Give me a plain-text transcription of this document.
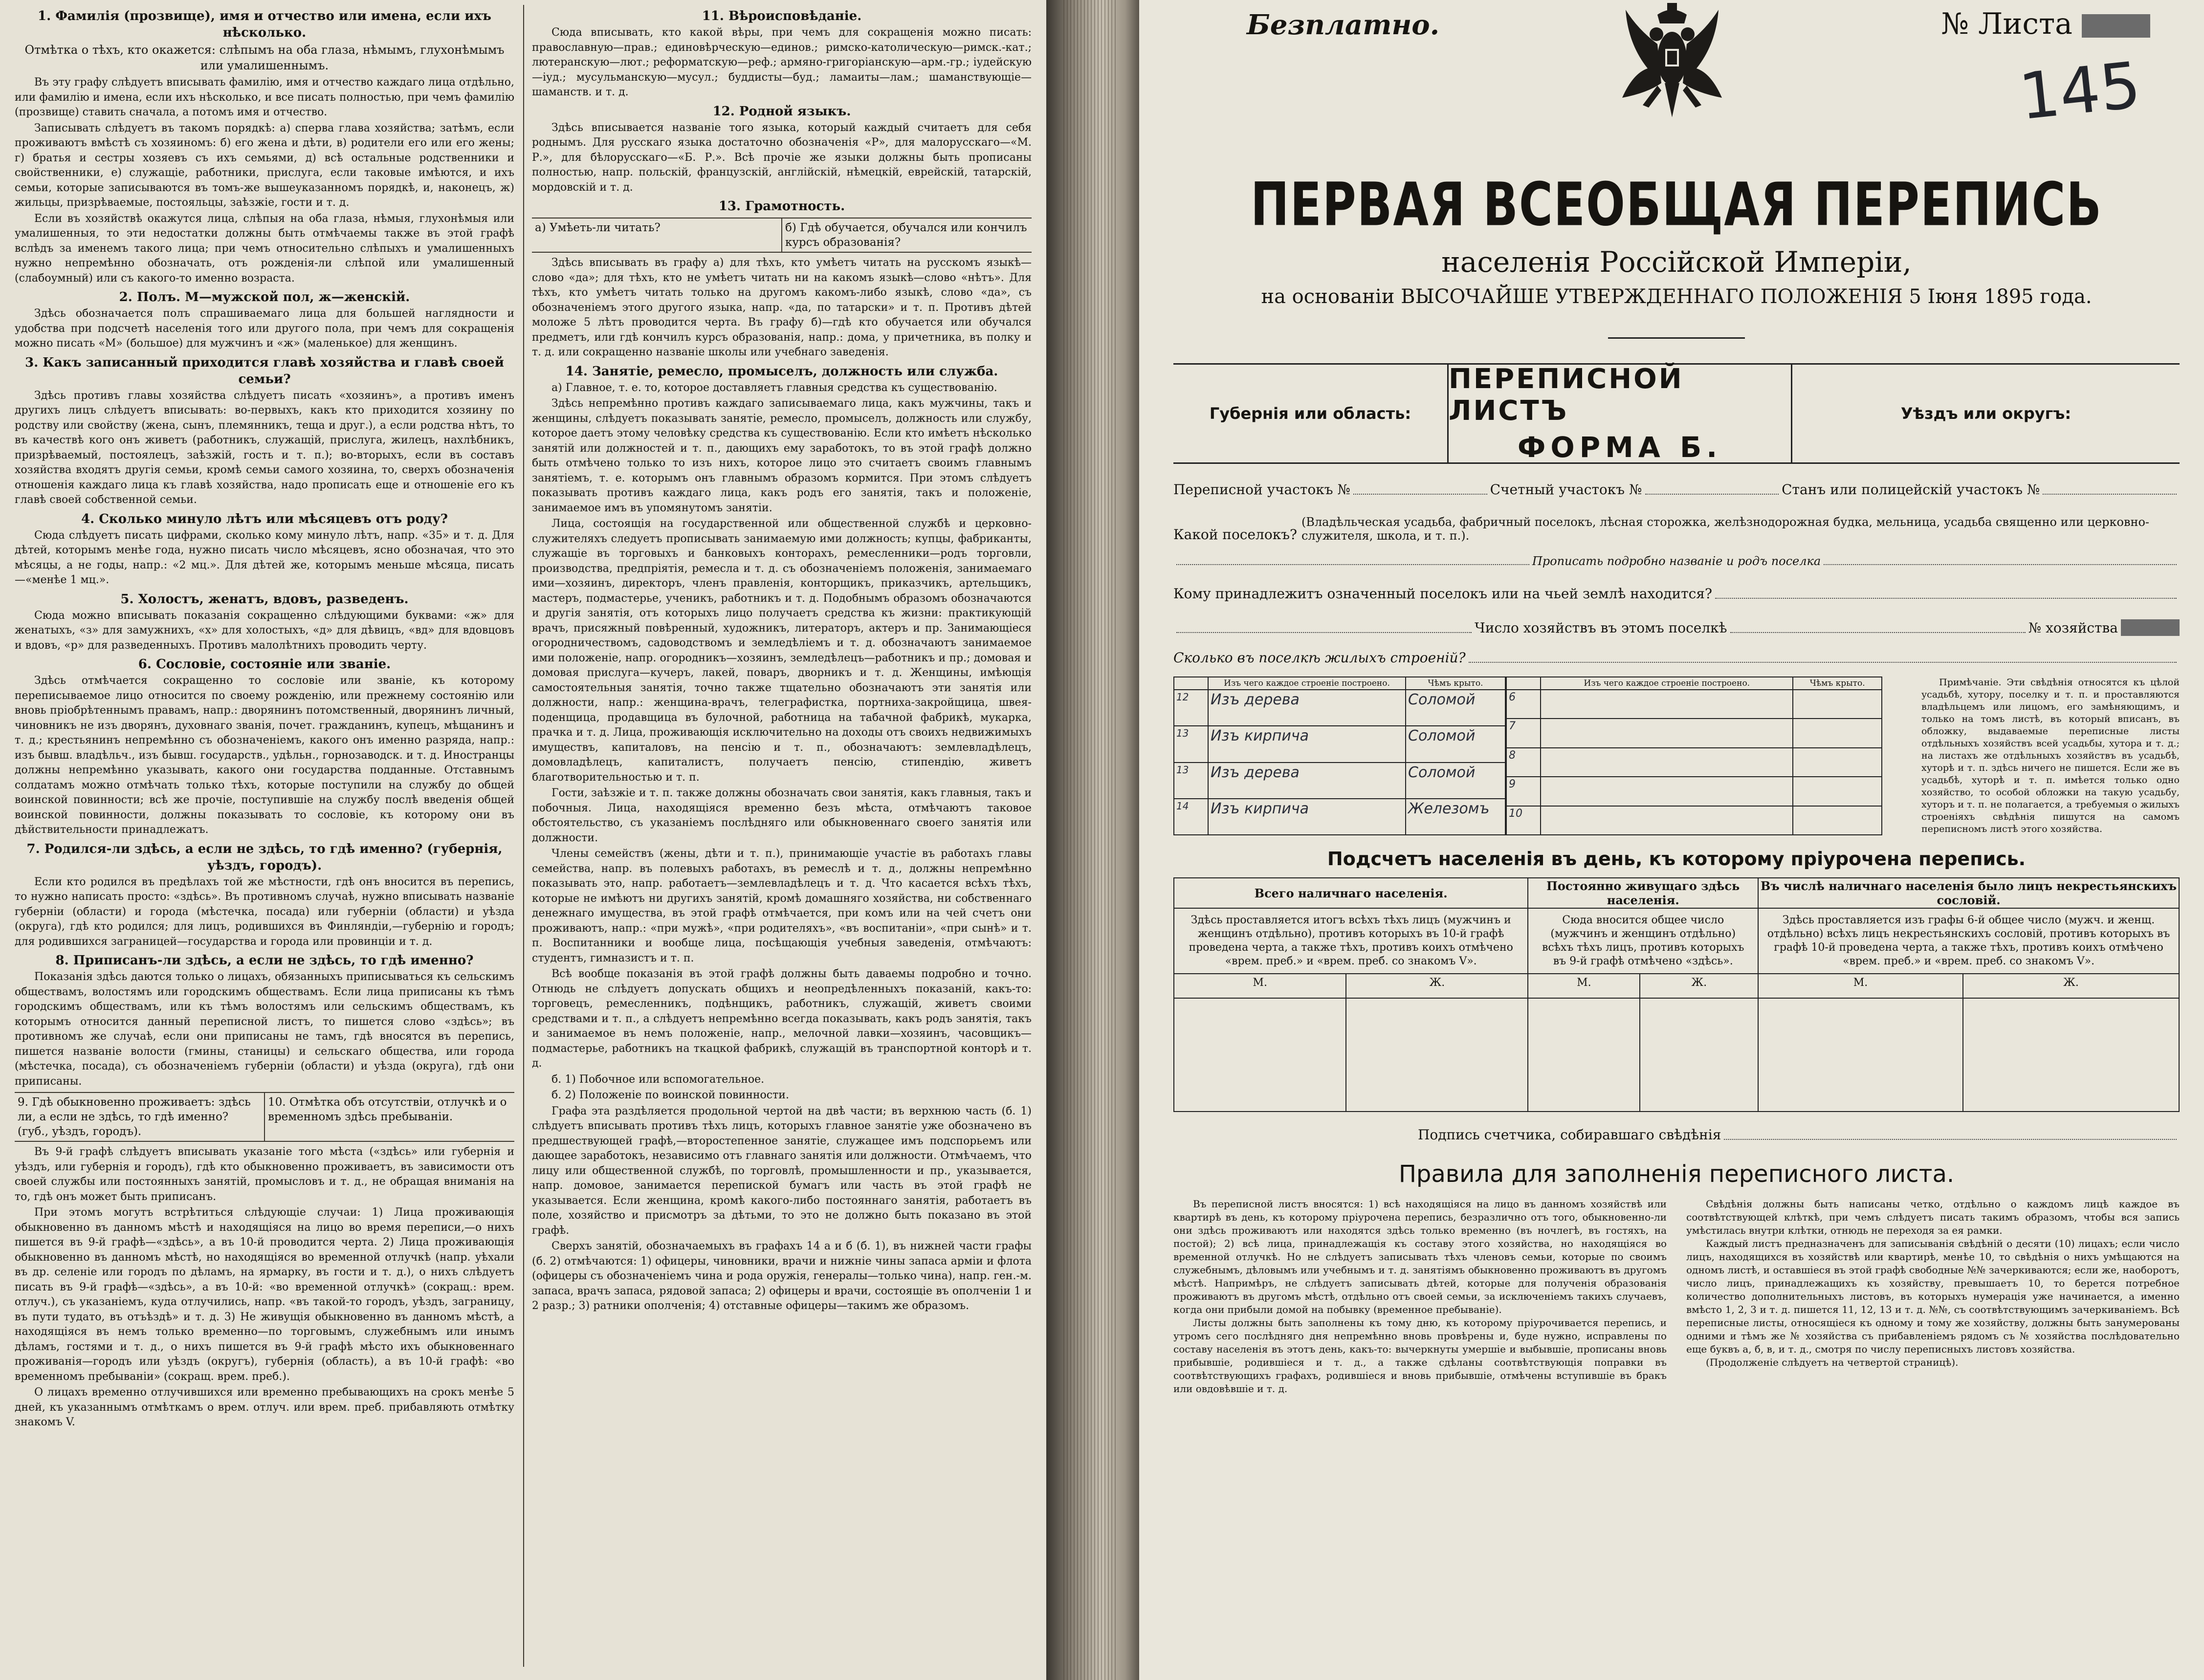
1. Фамилія (прозвище), имя и отчество или имена, если ихъ нѣсколько.
Отмѣтка о тѣхъ, кто окажется: слѣпымъ на оба глаза, нѣмымъ, глухонѣмымъ или умалишеннымъ.
Въ эту графу слѣдуетъ вписывать фамилію, имя и отчество каждаго лица отдѣльно, или фамилію и имена, если ихъ нѣсколько, и все писать полностью, при чемъ фамилію (прозвище) ставить сначала, а потомъ имя и отчество.
Записывать слѣдуетъ въ такомъ порядкѣ: а) сперва глава хозяйства; затѣмъ, если проживаютъ вмѣстѣ съ хозяиномъ: б) его жена и дѣти, в) родители его или его жены; г) братья и сестры хозяевъ съ ихъ семьями, д) всѣ остальные родственники и свойственники, е) служащіе, работники, прислуга, если таковые имѣются, и ихъ семьи, которые записываются въ томъ-же вышеуказанномъ порядкѣ, и, наконецъ, ж) жильцы, призрѣваемые, постояльцы, заѣзжіе, гости и т. д.
Если въ хозяйствѣ окажутся лица, слѣпыя на оба глаза, нѣмыя, глухонѣмыя или умалишенныя, то эти недостатки должны быть отмѣчаемы также въ этой графѣ вслѣдъ за именемъ такого лица; при чемъ относительно слѣпыхъ и умалишенныхъ нужно непремѣнно обозначать, отъ рожденія-ли слѣпой или умалишенный (слабоумный) или съ какого-то именно возраста.
2. Полъ. М—мужской пол, ж—женскій.
Здѣсь обозначается полъ спрашиваемаго лица для большей наглядности и удобства при подсчетѣ населенія того или другого пола, при чемъ для сокращенія можно писать «М» (большое) для мужчинъ и «ж» (маленькое) для женщинъ.
3. Какъ записанный приходится главѣ хозяйства и главѣ своей семьи?
Здѣсь противъ главы хозяйства слѣдуетъ писать «хозяинъ», а противъ именъ другихъ лицъ слѣдуетъ вписывать: во-первыхъ, какъ кто приходится хозяину по родству или свойству (жена, сынъ, племянникъ, теща и друг.), а если родства нѣтъ, то въ качествѣ кого онъ живетъ (работникъ, служащій, прислуга, жилецъ, нахлѣбникъ, призрѣваемый, постоялецъ, заѣзжій, гость и т. п.); во-вторыхъ, если въ составъ хозяйства входятъ другія семьи, кромѣ семьи самого хозяина, то, сверхъ обозначенія отношенія каждаго лица къ главѣ хозяйства, надо прописать еще и отношеніе его къ главѣ своей собственной семьи.
4. Сколько минуло лѣтъ или мѣсяцевъ отъ роду?
Сюда слѣдуетъ писать цифрами, сколько кому минуло лѣтъ, напр. «35» и т. д. Для дѣтей, которымъ менѣе года, нужно писать число мѣсяцевъ, ясно обозначая, что это мѣсяцы, а не годы, напр.: «2 мц.». Для дѣтей же, которымъ меньше мѣсяца, писать—«менѣе 1 мц.».
5. Холостъ, женатъ, вдовъ, разведенъ.
Сюда можно вписывать показанія сокращенно слѣдующими буквами: «ж» для женатыхъ, «з» для замужнихъ, «х» для холостыхъ, «д» для дѣвицъ, «вд» для вдовцовъ и вдовъ, «р» для разведенныхъ. Противъ малолѣтнихъ проводить черту.
6. Сословіе, состояніе или званіе.
Здѣсь отмѣчается сокращенно то сословіе или званіе, къ которому переписываемое лицо относится по своему рожденію, или прежнему состоянію или вновь пріобрѣтеннымъ правамъ, напр.: дворянинъ потомственный, дворянинъ личный, чиновникъ не изъ дворянъ, духовнаго званія, почет. гражданинъ, купецъ, мѣщанинъ и т. д.; крестьянинъ непремѣнно съ обозначеніемъ, какого онъ именно разряда, напр.: изъ бывш. владѣльч., изъ бывш. государств., удѣльн., горнозаводск. и т. д. Иностранцы должны непремѣнно указывать, какого они государства подданные. Отставнымъ солдатамъ можно отмѣчать только тѣхъ, которые поступили на службу до общей воинской повинности; всѣ же прочіе, поступившіе на службу послѣ введенія общей воинской повинности, должны показывать то сословіе, къ которому они въ дѣйствительности принадлежатъ.
7. Родился-ли здѣсь, а если не здѣсь, то гдѣ именно? (губернія, уѣздъ, городъ).
Если кто родился въ предѣлахъ той же мѣстности, гдѣ онъ вносится въ перепись, то нужно написать просто: «здѣсь». Въ противномъ случаѣ, нужно вписывать названіе губерніи (области) и города (мѣстечка, посада) или губерніи (области) и уѣзда (округа), гдѣ кто родился; для лицъ, родившихся въ Финляндіи,—губернію и городъ; для родившихся заграницей—государства и города или провинціи и т. д.
8. Приписанъ-ли здѣсь, а если не здѣсь, то гдѣ именно?
Показанія здѣсь даются только о лицахъ, обязанныхъ приписываться къ сельскимъ обществамъ, волостямъ или городскимъ обществамъ. Если лица приписаны къ тѣмъ городскимъ обществамъ, или къ тѣмъ волостямъ или сельскимъ обществамъ, къ которымъ относится данный переписной листъ, то пишется слово «здѣсь»; въ противномъ же случаѣ, если они приписаны не тамъ, гдѣ вносятся въ перепись, пишется названіе волости (гмины, станицы) и сельскаго общества, или города (мѣстечка, посада), съ обозначеніемъ губерніи (области) и уѣзда (округа), гдѣ они приписаны.
9. Гдѣ обыкновенно проживаетъ: здѣсь ли, а если не здѣсь, то гдѣ именно? (губ., уѣздъ, городъ).
10. Отмѣтка объ отсутствіи, отлучкѣ и о временномъ здѣсь пребываніи.
Въ 9-й графѣ слѣдуетъ вписывать указаніе того мѣста («здѣсь» или губернія и уѣздъ, или губернія и городъ), гдѣ кто обыкновенно проживаетъ, въ зависимости отъ своей службы или постоянныхъ занятій, промысловъ и т. д., не обращая вниманія на то, гдѣ онъ может быть приписанъ.
При этомъ могутъ встрѣтиться слѣдующіе случаи: 1) Лица проживающія обыкновенно въ данномъ мѣстѣ и находящіяся на лицо во время переписи,—о нихъ пишется въ 9-й графѣ—«здѣсь», а въ 10-й проводится черта. 2) Лица проживающія обыкновенно въ данномъ мѣстѣ, но находящіяся во временной отлучкѣ (напр. уѣхали въ др. селеніе или городъ по дѣламъ, на ярмарку, въ гости и т. д.), о нихъ слѣдуетъ писать въ 9-й графѣ—«здѣсь», а въ 10-й: «во временной отлучкѣ» (сокращ.: врем. отлуч.), съ указаніемъ, куда отлучились, напр. «въ такой-то городъ, уѣздъ, заграницу, въ пути тудато, въ отъѣздѣ» и т. д. 3) Не живущія обыкновенно въ данномъ мѣстѣ, а находящіяся въ немъ только временно—по торговымъ, служебнымъ или инымъ дѣламъ, гостями и т. д., о нихъ пишется въ 9-й графѣ мѣсто ихъ обыкновеннаго проживанія—городъ или уѣздъ (округъ), губернія (область), а въ 10-й графѣ: «во временномъ пребываніи» (сокращ. врем. преб.).
О лицахъ временно отлучившихся или временно пребывающихъ на срокъ менѣе 5 дней, къ указаннымъ отмѣткамъ о врем. отлуч. или врем. преб. прибавляють отмѣтку знакомъ V.
11. Вѣроисповѣданіе.
Сюда вписывать, кто какой вѣры, при чемъ для сокращенія можно писать: православную—прав.; единовѣрческую—единов.; римско-католическую—римск.-кат.; лютеранскую—лют.; реформатскую—реф.; армяно-григоріанскую—арм.-гр.; іудейскую—іуд.; мусульманскую—мусул.; буддисты—буд.; ламаиты—лам.; шаманствующіе—шаманств. и т. д.
12. Родной языкъ.
Здѣсь вписывается названіе того языка, который каждый считаетъ для себя роднымъ. Для русскаго языка достаточно обозначенія «Р», для малорусскаго—«М. Р.», для бѣлорусскаго—«Б. Р.». Всѣ прочіе же языки должны быть прописаны полностью, напр. польскій, французскій, англійскій, нѣмецкій, еврейскій, татарскій, мордовскій и т. д.
13. Грамотность.
а) Умѣеть-ли читать?	б) Гдѣ обучается, обучался или кончилъ курсъ образованія?
Здѣсь вписывать въ графу а) для тѣхъ, кто умѣетъ читать на русскомъ языкѣ—слово «да»; для тѣхъ, кто не умѣетъ читать ни на какомъ языкѣ—слово «нѣтъ». Для тѣхъ, кто умѣетъ читать только на другомъ какомъ-либо языкѣ, слово «да», съ обозначеніемъ этого другого языка, напр. «да, по татарски» и т. п. Противъ дѣтей моложе 5 лѣтъ проводится черта. Въ графу б)—гдѣ кто обучается или обучался предметъ, или гдѣ кончилъ курсъ образованія, напр.: дома, у причетника, въ полку и т. д. или сокращенно названіе школы или учебнаго заведенія.
14. Занятіе, ремесло, промыселъ, должность или служба.
а) Главное, т. е. то, которое доставляетъ главныя средства къ существованію.
Здѣсь непремѣнно противъ каждаго записываемаго лица, какъ мужчины, такъ и женщины, слѣдуетъ показывать занятіе, ремесло, промыселъ, должность или службу, которое даетъ этому человѣку средства къ существованію. Если кто имѣетъ нѣсколько занятій или должностей и т. п., дающихъ ему заработокъ, то въ этой графѣ должно быть отмѣчено только то изъ нихъ, которое лицо это считаетъ своимъ главнымъ занятіемъ, т. е. которымъ онъ главнымъ образомъ кормится. При этомъ слѣдуетъ показывать противъ каждаго лица, какъ родъ его занятія, такъ и положеніе, занимаемое имъ въ упомянутомъ занятіи.
Лица, состоящія на государственной или общественной службѣ и церковно-служителяхъ следуетъ прописывать занимаемую ими должность; купцы, фабриканты, служащіе въ торговыхъ и банковыхъ конторахъ, ремесленники—родъ торговли, производства, предпріятія, ремесла и т. д. съ обозначеніемъ положенія, занимаемаго ими—хозяинъ, директоръ, членъ правленія, конторщикъ, приказчикъ, артельщикъ, мастеръ, подмастерье, ученикъ, работникъ и т. д. Подобнымъ образомъ обозначаются и другія занятія, отъ которыхъ лицо получаетъ средства къ жизни: практикующій врачъ, присяжный повѣренный, художникъ, литераторъ, актеръ и пр. Занимающіеся огородничествомъ, садоводствомъ и земледѣліемъ и т. д. обозначаютъ занимаемое ими положеніе, напр. огородникъ—хозяинъ, земледѣлецъ—работникъ и пр.; домовая и домовая прислуга—кучеръ, лакей, поваръ, дворникъ и т. д. Женщины, имѣющія самостоятельныя занятія, точно также тщательно обозначаютъ эти занятія или должности, напр.: женщина-врачъ, телеграфистка, портниха-закройщица, швея-поденщица, продавщица въ булочной, работница на табачной фабрикѣ, мукарка, прачка и т. д. Лица, проживающія исключительно на доходы отъ своихъ недвижимыхъ имуществъ, капиталовъ, на пенсію и т. п., обозначаютъ: землевладѣлецъ, домовладѣлецъ, капиталистъ, получаетъ пенсію, стипендію, живетъ благотворительностью и т. п.
Гости, заѣзжіе и т. п. также должны обозначать свои занятія, какъ главныя, такъ и побочныя. Лица, находящіяся временно безъ мѣста, отмѣчаютъ таковое обстоятельство, съ указаніемъ послѣдняго или обыкновеннаго своего занятія или должности.
Члены семействъ (жены, дѣти и т. п.), принимающіе участіе въ работахъ главы семейства, напр. въ полевыхъ работахъ, въ ремеслѣ и т. д., должны непремѣнно показывать это, напр. работаетъ—землевладѣлецъ и т. д. Что касается всѣхъ тѣхъ, которые не имѣютъ ни другихъ занятій, кромѣ домашняго хозяйства, ни собственнаго денежнаго имущества, въ этой графѣ отмѣчается, при комъ или на чей счетъ они проживаютъ, напр.: «при мужѣ», «при родителяхъ», «въ воспитаніи», «при сынѣ» и т. п. Воспитанники и вообще лица, посѣщающія учебныя заведенія, отмѣчаютъ: студентъ, гимназистъ и т. п.
Всѣ вообще показанія въ этой графѣ должны быть даваемы подробно и точно. Отнюдь не слѣдуетъ допускать общихъ и неопредѣленныхъ показаній, какъ-то: торговецъ, ремесленникъ, подѣнщикъ, работникъ, служащій, живетъ своими средствами и т. п., а слѣдуетъ непремѣнно всегда показывать, какъ родъ занятія, такъ и занимаемое въ немъ положеніе, напр., мелочной лавки—хозяинъ, часовщикъ—подмастерье, работникъ на ткацкой фабрикѣ, служащій въ транспортной конторѣ и т. д.
б. 1) Побочное или вспомогательное.
б. 2) Положеніе по воинской повинности.
Графа эта раздѣляется продольной чертой на двѣ части; въ верхнюю часть (б. 1) слѣдуетъ вписывать противъ тѣхъ лицъ, которыхъ главное занятіе уже обозначено въ предшествующей графѣ,—второстепенное занятіе, служащее имъ подспорьемъ или дающее заработокъ, независимо отъ главнаго занятія или должности. Отмѣчаемъ, что лицу или общественной службѣ, по торговлѣ, промышленности и пр., указывается, напр. домовое, занимается перепиской бумагъ или часть въ этой графѣ не указывается. Если женщина, кромѣ какого-либо постояннаго занятія, работаетъ въ поле, хозяйство и присмотръ за дѣтьми, то это не должно быть показано въ этой графѣ.
Сверхъ занятій, обозначаемыхъ въ графахъ 14 а и б (б. 1), въ нижней части графы (б. 2) отмѣчаются: 1) офицеры, чиновники, врачи и нижніе чины запаса арміи и флота (офицеры съ обозначеніемъ чина и рода оружія, генералы—только чина), напр. ген.-м. запаса, врачъ запаса, рядовой запаса; 2) офицеры и врачи, состоящіе въ ополченіи 1 и 2 разр.; 3) ратники ополченія; 4) отставные офицеры—такимъ же образомъ.
Безплатно.	№ Листа
145
ПЕРВАЯ ВСЕОБЩАЯ ПЕРЕПИСЬ
населенія Россійской Имперіи,
на основаніи ВЫСОЧАЙШЕ УТВЕРЖДЕННАГО ПОЛОЖЕНІЯ 5 Іюня 1895 года.
Губернія или область:
ПЕРЕПИСНОЙ ЛИСТЪ
ФОРМА Б.
Уѣздъ или округъ:
Переписной участокъ №	Счетный участокъ №	Станъ или полицейскій участокъ №
Какой поселокъ?

(Владѣльческая усадьба, фабричный поселокъ, лѣсная сторожка, желѣзнодорожная будка, мельница, усадьба священно или церковно-служителя, школа, и т. п.).
Прописать подробно названіе и родъ поселка
Кому принадлежитъ означенный поселокъ или на чьей землѣ находится?
Число хозяйствъ въ этомъ поселкѣ	№ хозяйства
Сколько въ поселкѣ жилыхъ строеній?
	Изъ чего каждое строеніе построено.	Чѣмъ крыто.
12	Изъ дерева	Соломой
13	Изъ кирпича	Соломой
13	Изъ дерева	Соломой
14	Изъ кирпича	Железомъ
	Изъ чего каждое строеніе построено.	Чѣмъ крыто.
6		
7		
8		
9		
10		
Примѣчаніе. Эти свѣдѣнія относятся къ цѣлой усадьбѣ, хутору, поселку и т. п. и проставляются владѣльцемъ или лицомъ, его замѣняющимъ, и только на томъ листѣ, въ который вписанъ, въ обложку, выдаваемые переписные листы отдѣльныхъ хозяйствъ всей усадьбы, хутора и т. д.; на листахъ же отдѣльныхъ хозяйствъ въ усадьбѣ, хуторѣ и т. п. здѣсь ничего не пишется. Если же въ усадьбѣ, хуторѣ и т. п. имѣется только одно хозяйство, то особой обложки на такую усадьбу, хуторъ и т. п. не полагается, а требуемыя о жилыхъ строеніяхъ свѣдѣнія пишутся на самомъ переписномъ листѣ этого хозяйства.
Подсчетъ населенія въ день, къ которому пріурочена перепись.
Всего наличнаго населенія.		Постоянно живущаго здѣсь населенія.		Въ числѣ наличнаго населенія было лицъ некрестьянскихъ сословій.	
Здѣсь проставляется итогъ всѣхъ тѣхъ лицъ (мужчинъ и женщинъ отдѣльно), противъ которыхъ въ 10-й графѣ проведена черта, а также тѣхъ, противъ коихъ отмѣчено «врем. преб.» и «врем. преб. со знакомъ V».		Сюда вносится общее число (мужчинъ и женщинъ отдѣльно) всѣхъ тѣхъ лицъ, противъ которыхъ въ 9-й графѣ отмѣчено «здѣсь».		Здѣсь проставляется изъ графы 6-й общее число (мужч. и женщ. отдѣльно) всѣхъ лицъ некрестьянскихъ сословій, противъ которыхъ въ графѣ 10-й проведена черта, а также тѣхъ, противъ коихъ отмѣчено «врем. преб.» и «врем. преб. со знакомъ V».	
М.	Ж.	М.	Ж.	М.	Ж.

Подпись счетчика, собиравшаго свѣдѣнія
Правила для заполненія переписного листа.

Въ переписной листъ вносятся: 1) всѣ находящіяся на лицо въ данномъ хозяйствѣ или квартирѣ въ день, къ которому пріурочена перепись, безразлично отъ того, обыкновенно-ли они здѣсь проживаютъ или находятся здѣсь только временно (въ ночлегѣ, въ гостяхъ, на постой); 2) всѣ лица, принадлежащія къ составу этого хозяйства, но находящіяся во временной отлучкѣ. Но не слѣдуетъ записывать тѣхъ членовъ семьи, которые по своимъ служебнымъ, дѣловымъ или учебнымъ и т. д. занятіямъ обыкновенно проживаютъ въ другомъ мѣстѣ. Напримѣръ, не слѣдуетъ записывать дѣтей, которые для полученія образованія проживаютъ въ другомъ мѣстѣ, отдѣльно отъ своей семьи, за исключеніемъ такихъ случаевъ, когда они прибыли домой на побывку (временное пребываніе).

Листы должны быть заполнены къ тому дню, къ которому пріурочивается перепись, и утромъ сего послѣдняго дня непремѣнно вновь провѣрены и, буде нужно, исправлены по составу населенія въ этотъ день, какъ-то: вычеркнуты умершіе и выбывшіе, прописаны вновь прибывшіе, родившіеся и т. д., а также сдѣланы соотвѣтствующія поправки въ соотвѣтствующихъ графахъ, родившіеся и вновь прибывшіе, отмѣчены вступившіе въ бракъ или овдовѣвшіе и т. д.

Свѣдѣнія должны быть написаны четко, отдѣльно о каждомъ лицѣ каждое въ соотвѣтствующей клѣткѣ, при чемъ слѣдуетъ писать такимъ образомъ, чтобы вся запись умѣстилась внутри клѣтки, отнюдь не переходя за ея рамки.

Каждый листъ предназначенъ для записыванія свѣдѣній о десяти (10) лицахъ; если число лицъ, находящихся въ хозяйствѣ или квартирѣ, менѣе 10, то свѣдѣнія о нихъ умѣщаются на одномъ листѣ, и оставшіеся въ этой графѣ свободные №№ зачеркиваются; если же, наоборотъ, число лицъ, принадлежащихъ къ хозяйству, превышаетъ 10, то берется потребное количество дополнительныхъ листовъ, въ которыхъ нумерація уже начинается, а именно вмѣсто 1, 2, 3 и т. д. пишется 11, 12, 13 и т. д. №№, съ соотвѣтствующимъ зачеркиваніемъ. Всѣ переписные листы, относящіеся къ одному и тому же хозяйству, должны быть занумерованы одними и тѣмъ же № хозяйства съ прибавленіемъ рядомъ съ № хозяйства послѣдовательно еще буквъ а, б, в, и т. д., смотря по числу переписныхъ листовъ хозяйства.

(Продолженіе слѣдуетъ на четвертой страницѣ).
